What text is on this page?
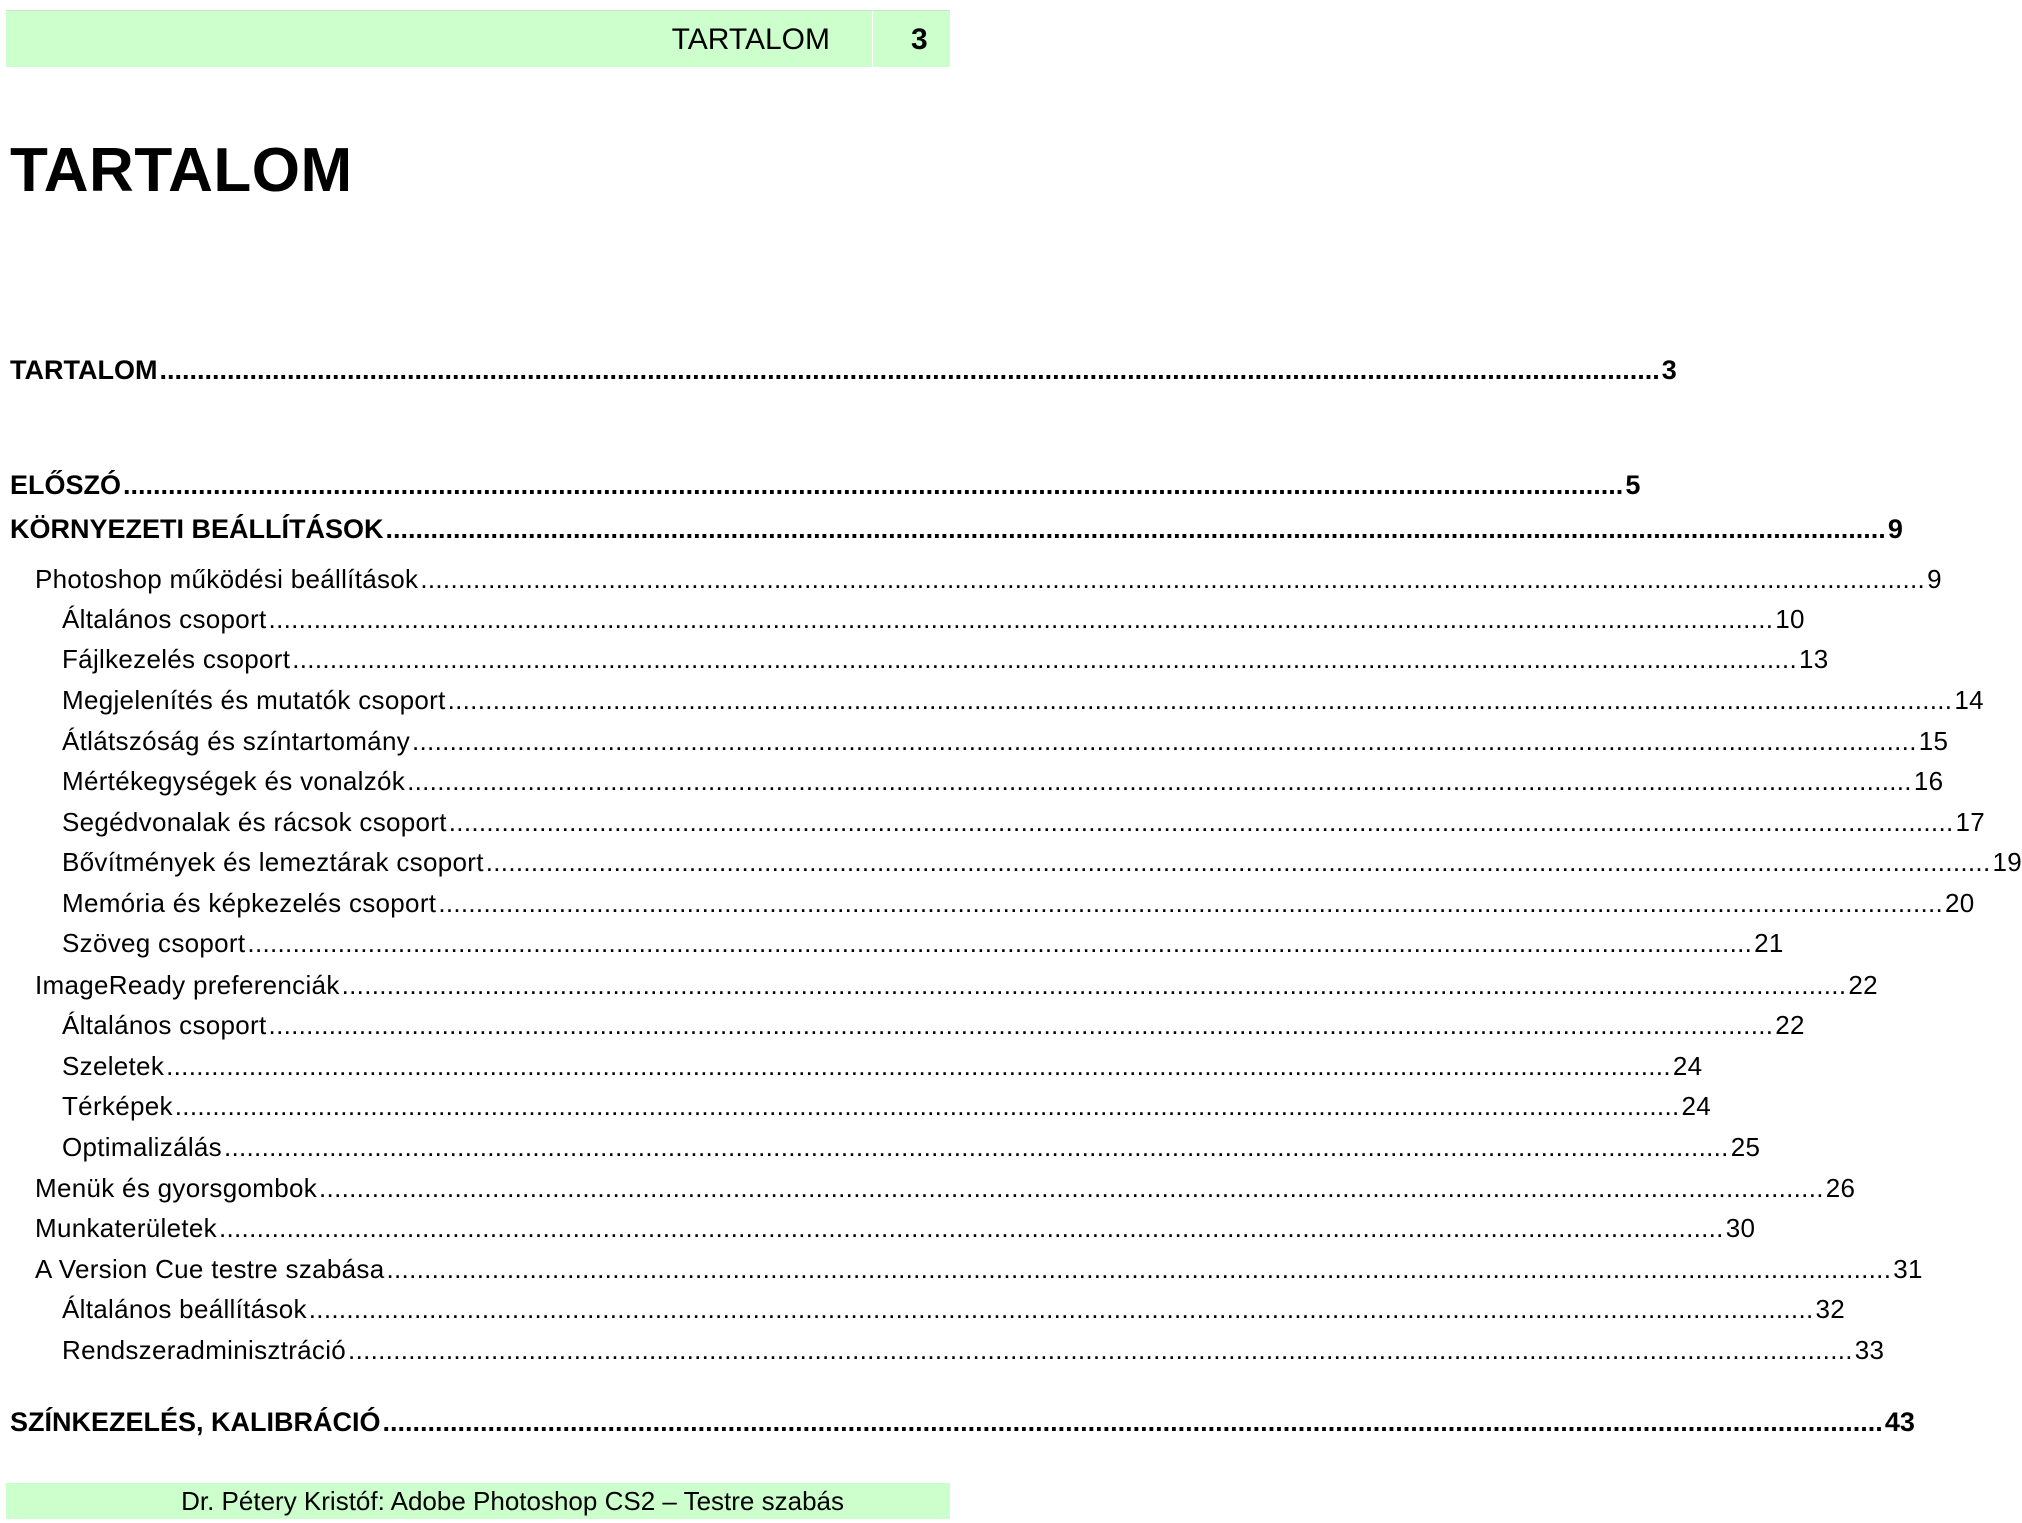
TARTALOM	3
TARTALOM
TARTALOM ........................................................................................................................................................................................................ 3
ELŐSZÓ ........................................................................................................................................................................................................ 5
KÖRNYEZETI BEÁLLÍTÁSOK ........................................................................................................................................................................................................ 9
Photoshop működési beállítások ........................................................................................................................................................................................................ 9
Általános csoport ........................................................................................................................................................................................................ 10
Fájlkezelés csoport ........................................................................................................................................................................................................ 13
Megjelenítés és mutatók csoport ........................................................................................................................................................................................................ 14
Átlátszóság és színtartomány ........................................................................................................................................................................................................ 15
Mértékegységek és vonalzók ........................................................................................................................................................................................................ 16
Segédvonalak és rácsok csoport ........................................................................................................................................................................................................ 17
Bővítmények és lemeztárak csoport ........................................................................................................................................................................................................ 19
Memória és képkezelés csoport ........................................................................................................................................................................................................ 20
Szöveg csoport ........................................................................................................................................................................................................ 21
ImageReady preferenciák ........................................................................................................................................................................................................ 22
Általános csoport ........................................................................................................................................................................................................ 22
Szeletek ........................................................................................................................................................................................................ 24
Térképek ........................................................................................................................................................................................................ 24
Optimalizálás ........................................................................................................................................................................................................ 25
Menük és gyorsgombok ........................................................................................................................................................................................................ 26
Munkaterületek ........................................................................................................................................................................................................ 30
A Version Cue testre szabása ........................................................................................................................................................................................................ 31
Általános beállítások ........................................................................................................................................................................................................ 32
Rendszeradminisztráció ........................................................................................................................................................................................................ 33
SZÍNKEZELÉS, KALIBRÁCIÓ ........................................................................................................................................................................................................ 43
Dr. Pétery Kristóf: Adobe Photoshop CS2 – Testre szabás
